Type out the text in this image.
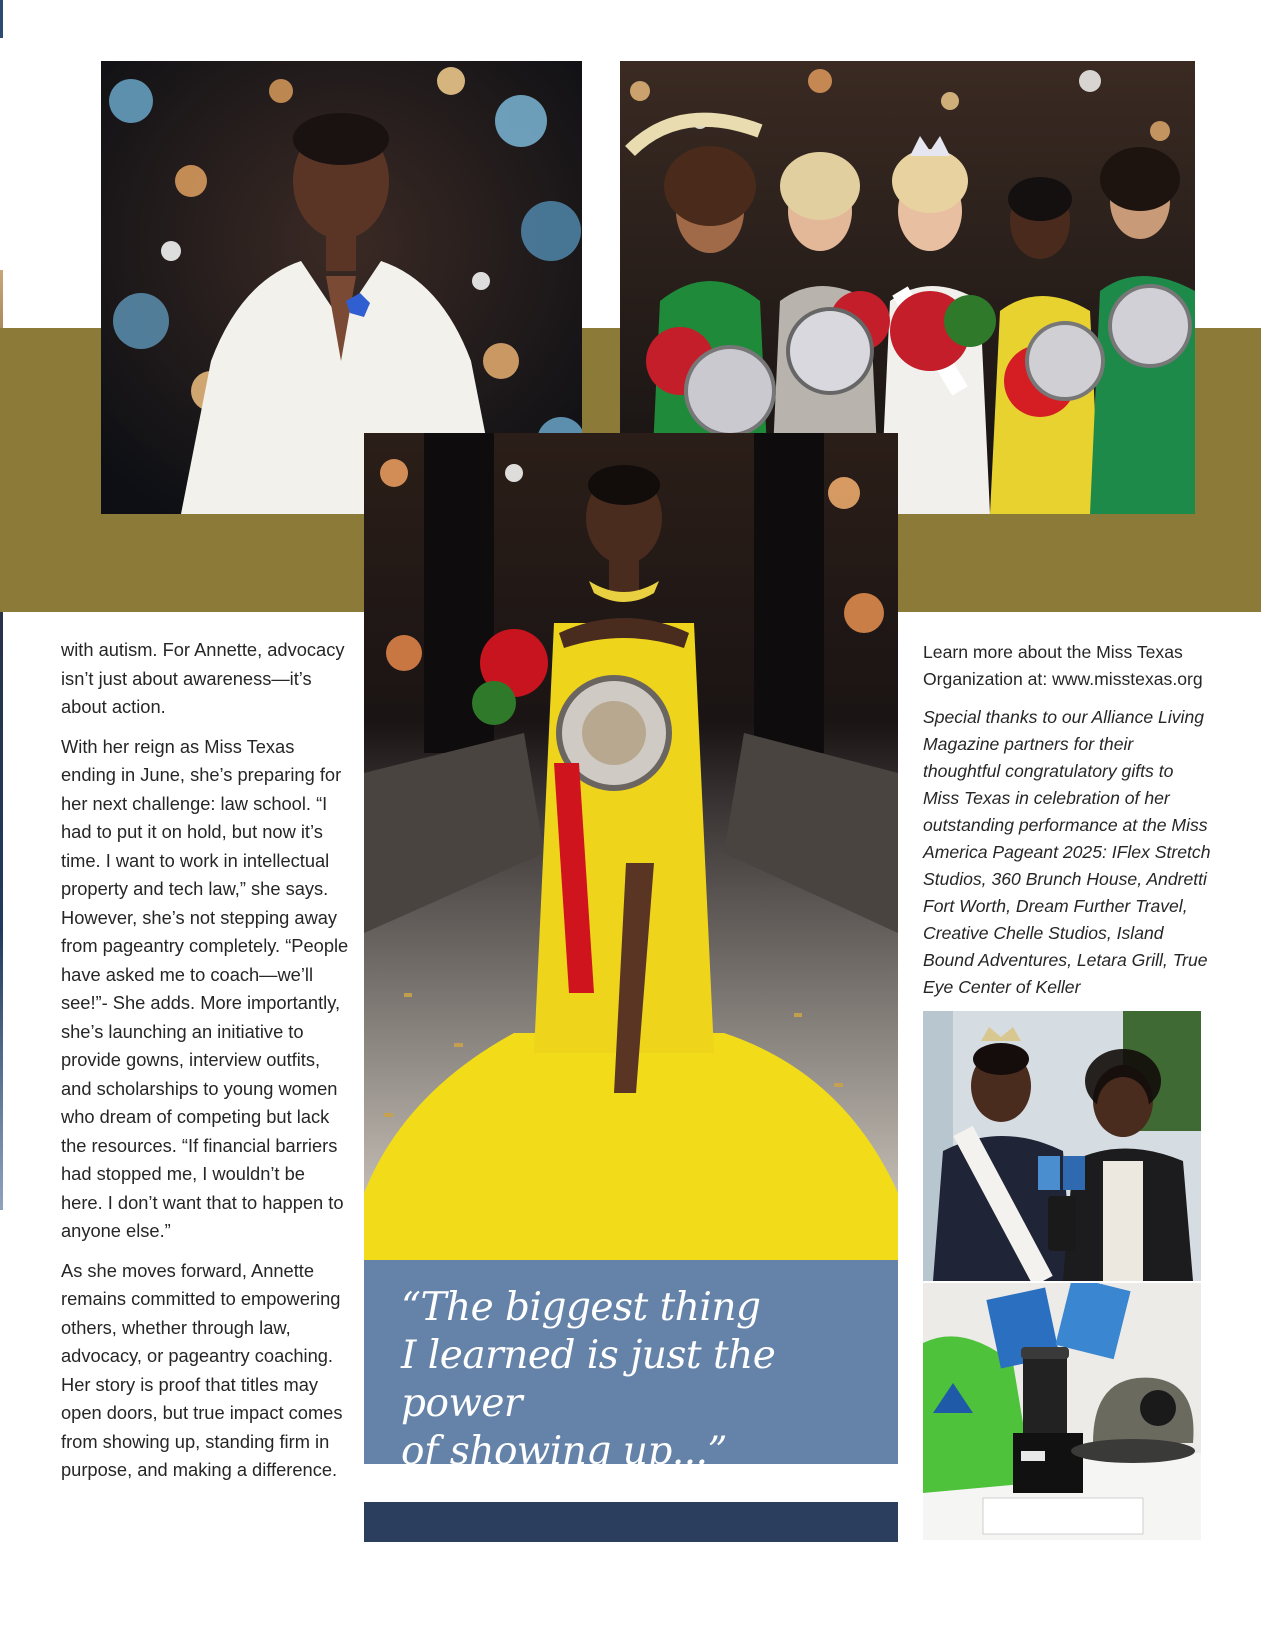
with autism. For Annette, advocacy isn’t just about awareness—it’s about action.

With her reign as Miss Texas ending in June, she’s preparing for her next challenge: law school. “I had to put it on hold, but now it’s time. I want to work in intellectual property and tech law,” she says. However, she’s not stepping away from pageantry completely. “People have asked me to coach—we’ll see!”- She adds. More importantly, she’s launching an initiative to provide gowns, interview outfits, and scholarships to young women who dream of competing but lack the resources. “If financial barriers had stopped me, I wouldn’t be here. I don’t want that to happen to anyone else.”

As she moves forward, Annette remains committed to empowering others, whether through law, advocacy, or pageantry coaching. Her story is proof that titles may open doors, but true impact comes from showing up, standing firm in purpose, and making a difference.

Learn more about the Miss Texas Organization at: www.misstexas.org

Special thanks to our Alliance Living Magazine partners for their thoughtful congratulatory gifts to Miss Texas in celebration of her outstanding performance at the Miss America Pageant 2025: IFlex Stretch Studios, 360 Brunch House, Andretti Fort Worth, Dream Further Travel, Creative Chelle Studios, Island Bound Adventures, Letara Grill, True Eye Center of Keller

“The biggest thing
I learned is just the power
of showing up...”
